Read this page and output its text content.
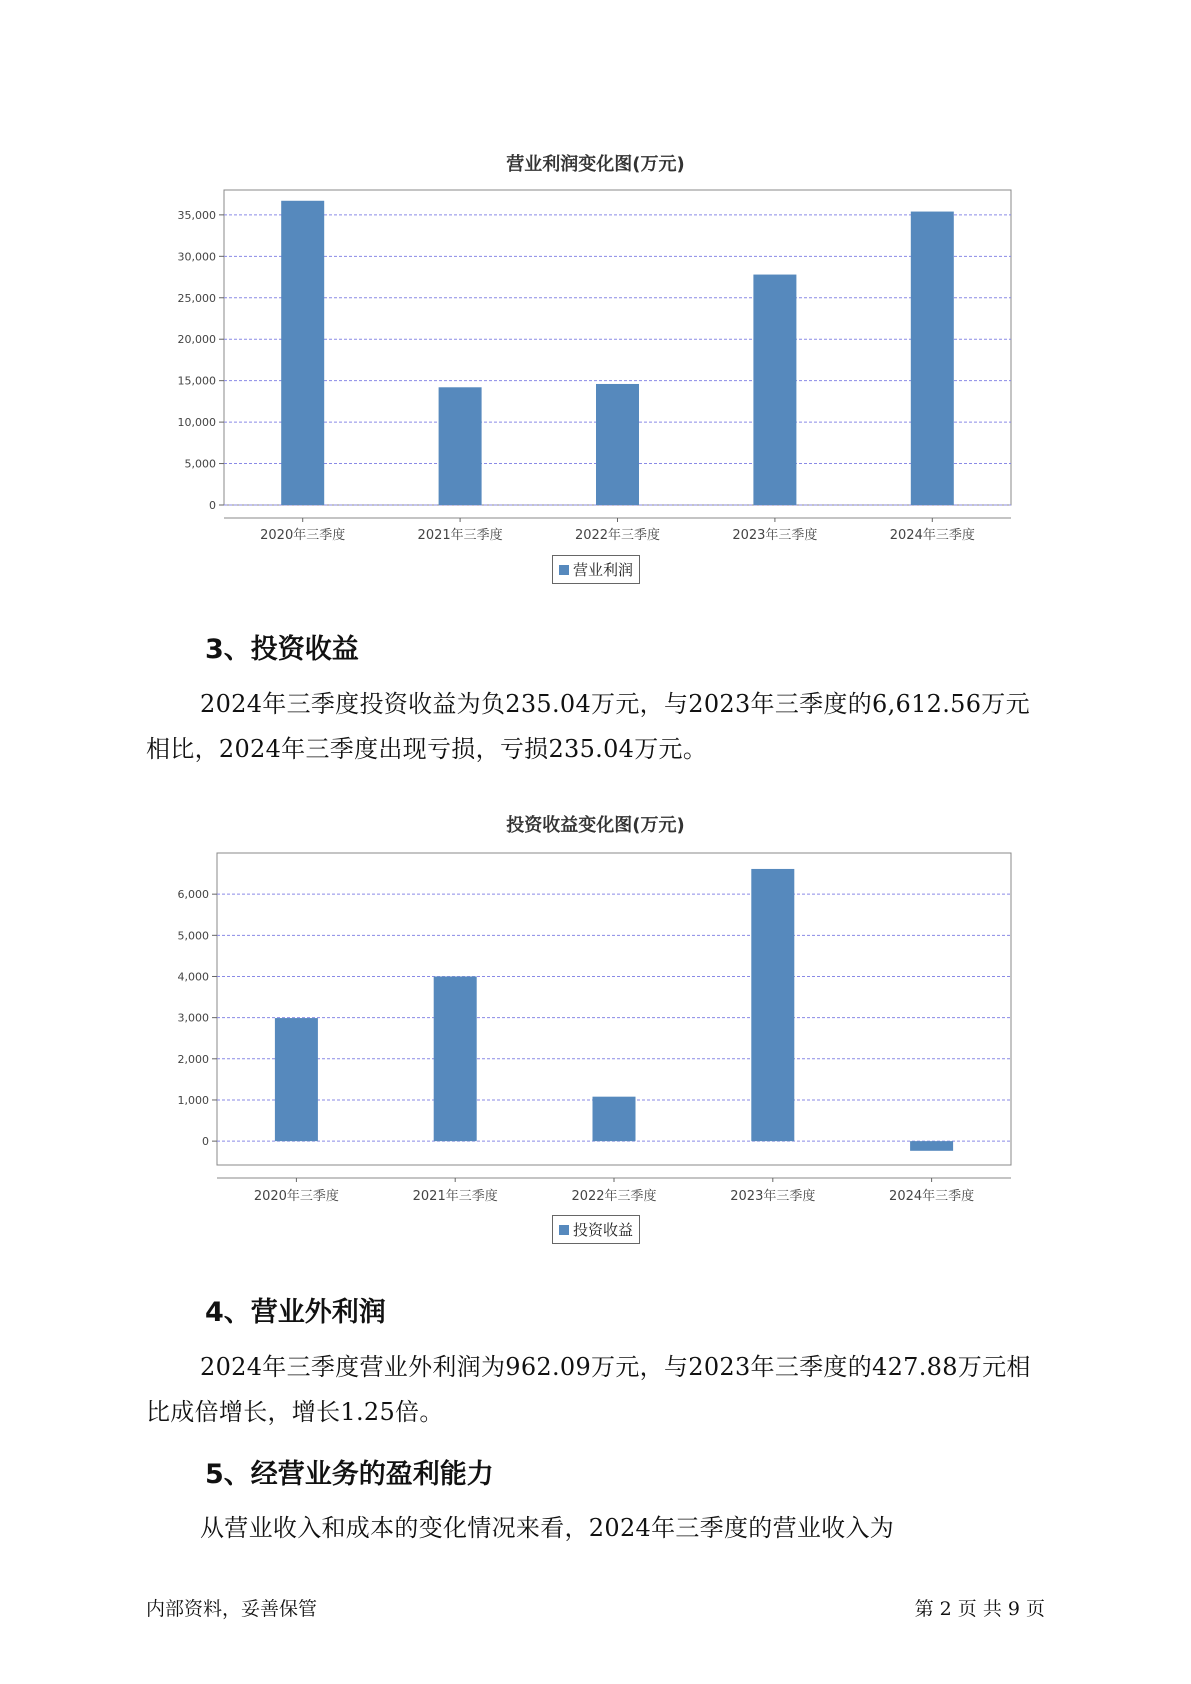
营业利润变化图(万元)
0
5,000
10,000
15,000
20,000
25,000
30,000
35,000
2020年三季度	2021年三季度	2022年三季度	2023年三季度	2024年三季度
营业利润
3、投资收益
2024年三季度投资收益为负235.04万元，与2023年三季度的6,612.56万元相比，2024年三季度出现亏损，亏损235.04万元。
投资收益变化图(万元)
0
1,000
2,000
3,000
4,000
5,000
6,000
2020年三季度	2021年三季度	2022年三季度	2023年三季度	2024年三季度
投资收益
4、营业外利润
2024年三季度营业外利润为962.09万元，与2023年三季度的427.88万元相比成倍增长，增长1.25倍。
5、经营业务的盈利能力
从营业收入和成本的变化情况来看，2024年三季度的营业收入为
内部资料，妥善保管	第 2 页 共 9 页
